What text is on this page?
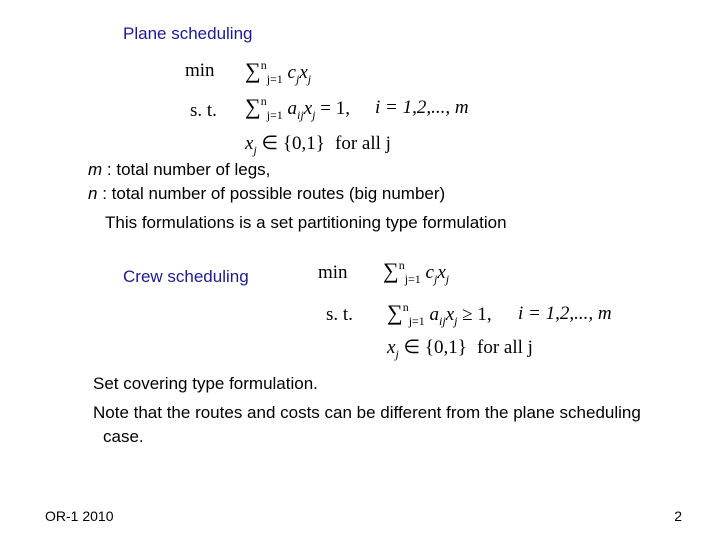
Plane scheduling
min ∑$^n_{j=1}$ $c_jx_j$
s. t. ∑$^n_{j=1}$ $a_{ij}x_j = 1$, i = 1,2,..., m
$x_j$ ∈ {0,1} for all j
m : total number of legs,
n : total number of possible routes (big number)
This formulations is a set partitioning type formulation
Crew scheduling	min ∑$^n_{j=1}$ $c_jx_j$
s. t. ∑$^n_{j=1}$ $a_{ij}x_j \ge 1$, i = 1,2,..., m
$x_j$ ∈ {0,1} for all j
Set covering type formulation.
Note that the routes and costs can be different from the plane scheduling
case.
OR-1 2010	2
